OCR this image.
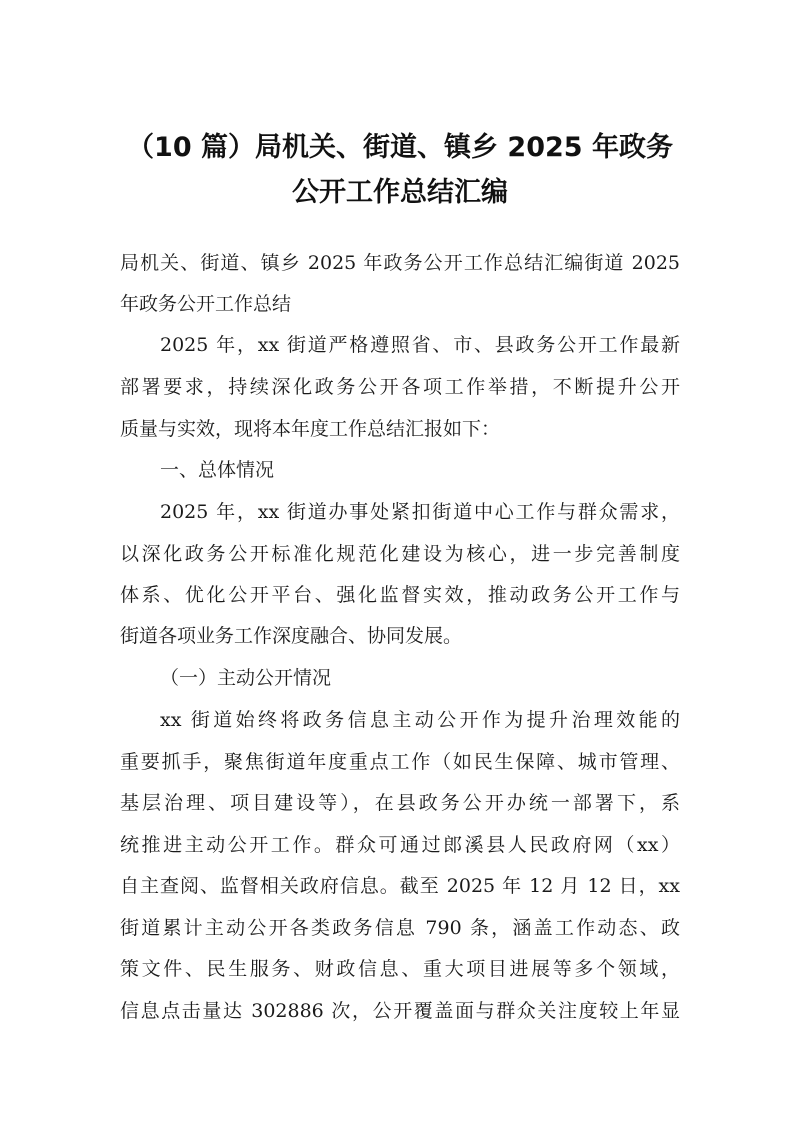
（10 篇）局机关、街道、镇乡 2025 年政务
公开工作总结汇编
局机关、街道、镇乡 2025 年政务公开工作总结汇编街道 2025
年政务公开工作总结
2025 年，xx 街道严格遵照省、市、县政务公开工作最新
部署要求，持续深化政务公开各项工作举措，不断提升公开
质量与实效，现将本年度工作总结汇报如下：
一、总体情况
2025 年，xx 街道办事处紧扣街道中心工作与群众需求，
以深化政务公开标准化规范化建设为核心，进一步完善制度
体系、优化公开平台、强化监督实效，推动政务公开工作与
街道各项业务工作深度融合、协同发展。
（一）主动公开情况
xx 街道始终将政务信息主动公开作为提升治理效能的
重要抓手，聚焦街道年度重点工作（如民生保障、城市管理、
基层治理、项目建设等），在县政务公开办统一部署下，系
统推进主动公开工作。群众可通过郎溪县人民政府网（xx）
自主查阅、监督相关政府信息。截至 2025 年 12 月 12 日，xx
街道累计主动公开各类政务信息 790 条，涵盖工作动态、政
策文件、民生服务、财政信息、重大项目进展等多个领域，
信息点击量达 302886 次，公开覆盖面与群众关注度较上年显
